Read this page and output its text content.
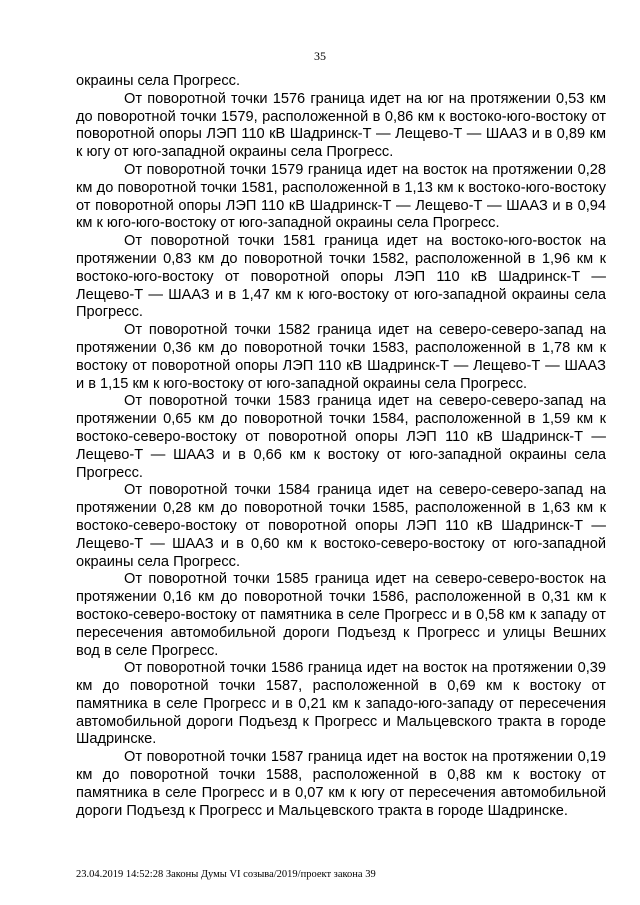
35

окраины села Прогресс.

От поворотной точки 1576 граница идет на юг на протяжении 0,53 км до поворотной точки 1579, расположенной в 0,86 км к востоко-юго-востоку от поворотной опоры ЛЭП 110 кВ Шадринск-Т — Лещево-Т — ШААЗ и в 0,89 км к югу от юго-западной окраины села Прогресс.

От поворотной точки 1579 граница идет на восток на протяжении 0,28 км до поворотной точки 1581, расположенной в 1,13 км к востоко-юго-востоку от поворотной опоры ЛЭП 110 кВ Шадринск-Т — Лещево-Т — ШААЗ и в 0,94 км к юго-юго-востоку от юго-западной окраины села Прогресс.

От поворотной точки 1581 граница идет на востоко-юго-восток на протяжении 0,83 км до поворотной точки 1582, расположенной в 1,96 км к востоко-юго-востоку от поворотной опоры ЛЭП 110 кВ Шадринск-Т — Лещево-Т — ШААЗ и в 1,47 км к юго-востоку от юго-западной окраины села Прогресс.

От поворотной точки 1582 граница идет на северо-северо-запад на протяжении 0,36 км до поворотной точки 1583, расположенной в 1,78 км к востоку от поворотной опоры ЛЭП 110 кВ Шадринск-Т — Лещево-Т — ШААЗ и в 1,15 км к юго-востоку от юго-западной окраины села Прогресс.

От поворотной точки 1583 граница идет на северо-северо-запад на протяжении 0,65 км до поворотной точки 1584, расположенной в 1,59 км к востоко-северо-востоку от поворотной опоры ЛЭП 110 кВ Шадринск-Т — Лещево-Т — ШААЗ и в 0,66 км к востоку от юго-западной окраины села Прогресс.

От поворотной точки 1584 граница идет на северо-северо-запад на протяжении 0,28 км до поворотной точки 1585, расположенной в 1,63 км к востоко-северо-востоку от поворотной опоры ЛЭП 110 кВ Шадринск-Т — Лещево-Т — ШААЗ и в 0,60 км к востоко-северо-востоку от юго-западной окраины села Прогресс.

От поворотной точки 1585 граница идет на северо-северо-восток на протяжении 0,16 км до поворотной точки 1586, расположенной в 0,31 км к востоко-северо-востоку от памятника в селе Прогресс и в 0,58 км к западу от пересечения автомобильной дороги Подъезд к Прогресс и улицы Вешних вод в селе Прогресс.

От поворотной точки 1586 граница идет на восток на протяжении 0,39 км до поворотной точки 1587, расположенной в 0,69 км к востоку от памятника в селе Прогресс и в 0,21 км к западо-юго-западу от пересечения автомобильной дороги Подъезд к Прогресс и Мальцевского тракта в городе Шадринске.

От поворотной точки 1587 граница идет на восток на протяжении 0,19 км до поворотной точки 1588, расположенной в 0,88 км к востоку от памятника в селе Прогресс и в 0,07 км к югу от пересечения автомобильной дороги Подъезд к Прогресс и Мальцевского тракта в городе Шадринске.

23.04.2019 14:52:28 Законы Думы VI созыва/2019/проект закона 39
